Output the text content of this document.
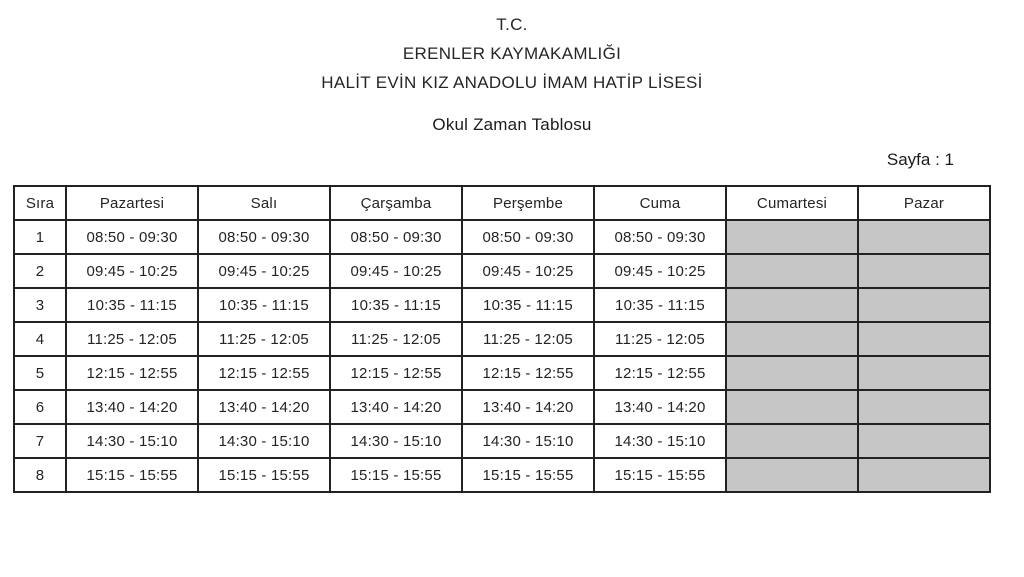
T.C.
ERENLER KAYMAKAMLIĞI
HALİT EVİN KIZ ANADOLU İMAM HATİP LİSESİ
Okul Zaman Tablosu
Sayfa : 1
Sıra	Pazartesi	Salı	Çarşamba	Perşembe	Cuma	Cumartesi	Pazar
1	08:50 - 09:30	08:50 - 09:30	08:50 - 09:30	08:50 - 09:30	08:50 - 09:30		
2	09:45 - 10:25	09:45 - 10:25	09:45 - 10:25	09:45 - 10:25	09:45 - 10:25		
3	10:35 - 11:15	10:35 - 11:15	10:35 - 11:15	10:35 - 11:15	10:35 - 11:15		
4	11:25 - 12:05	11:25 - 12:05	11:25 - 12:05	11:25 - 12:05	11:25 - 12:05		
5	12:15 - 12:55	12:15 - 12:55	12:15 - 12:55	12:15 - 12:55	12:15 - 12:55		
6	13:40 - 14:20	13:40 - 14:20	13:40 - 14:20	13:40 - 14:20	13:40 - 14:20		
7	14:30 - 15:10	14:30 - 15:10	14:30 - 15:10	14:30 - 15:10	14:30 - 15:10		
8	15:15 - 15:55	15:15 - 15:55	15:15 - 15:55	15:15 - 15:55	15:15 - 15:55		
